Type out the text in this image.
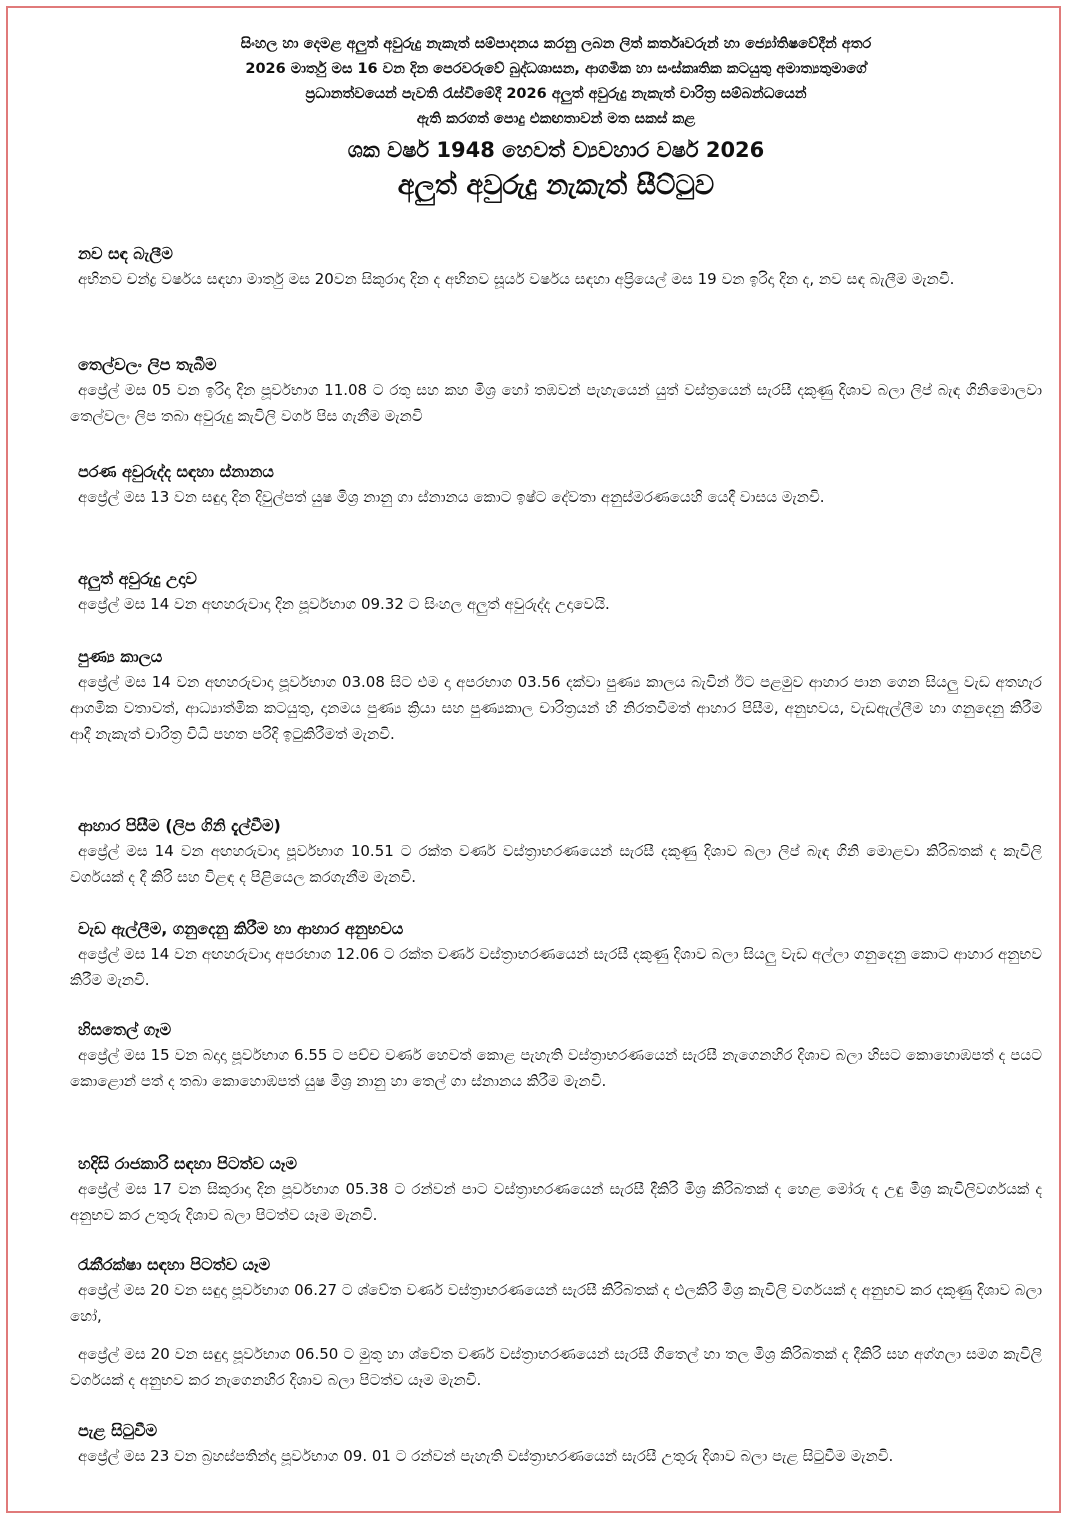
සිංහල හා දෙමළ අලුත් අවුරුදු නැකැත් සම්පාදනය කරනු ලබන ලිත් කර්තෘවරුන් හා ජ්‍යෝතිෂවේදීන් අතර
2026 මාර්තු මස 16 වන දින පෙරවරුවේ බුද්ධශාසන, ආගමික හා සංස්කෘතික කටයුතු අමාත්‍යතුමාගේ
ප්‍රධානත්වයෙන් පැවති රැස්වීමේදී 2026 අලුත් අවුරුදු නැකැත් චාරිත්‍ර සම්බන්ධයෙන්
ඇති කරගත් පොදු එකඟතාවන් මත සකස් කළ
ශක වර්ෂ 1948 හෙවත් ව්‍යවහාර වර්ෂ 2026
අලුත් අවුරුදු නැකැත් සීට්ටුව
නව සඳ බැලීම

අභිනව චන්ද්‍ර වර්ෂය සඳහා මාර්තු මස 20වන සිකුරාදා දින ද අභිනව සූර්ය වර්ෂය සඳහා අප්‍රියෙල් මස 19 වන ඉරිදා දින ද, නව සඳ බැලීම මැනවි.

තෙල්වලං ලිප තැබීම

අප්‍රේල් මස 05 වන ඉරිදා දින පූර්වභාග 11.08 ට රතු සහ කහ මිශ්‍ර හෝ තඹවන් පැහැයෙන් යුත් වස්ත්‍රයෙන් සැරසී දකුණු දිශාව බලා ලිප් බැඳ ගිනිමොලවා තෙල්වලං ලිප තබා අවුරුදු කැවිලි වර්ග පිස ගැනීම මැනවි

පරණ අවුරුද්ද සඳහා ස්නානය

අප්‍රේල් මස 13 වන සඳුදා දින දිවුල්පත් යුෂ මිශ්‍ර නානු ගා ස්නානය කොට ඉෂ්ට දේවතා අනුස්මරණයෙහි යෙදී වාසය මැනවි.

අලුත් අවුරුදු උදාව

අප්‍රේල් මස 14 වන අඟහරුවාදා දින පූර්වභාග 09.32 ට සිංහල අලුත් අවුරුද්ද උදාවෙයි.

පුණ්‍ය කාලය

අප්‍රේල් මස 14 වන අඟහරුවාදා පූර්වභාග 03.08 සිට එම දා අපරභාග 03.56 දක්වා පුණ්‍ය කාලය බැවින් ඊට පළමුව ආහාර පාන ගෙන සියලු වැඩ අතහැර ආගමික වතාවත්, ආධ්‍යාත්මික කටයුතු, දානමය පුණ්‍ය ක්‍රියා සහ පුණ්‍යකාල චාරිත්‍රයන් හි නිරතවීමත් ආහාර පිසීම, අනුභවය, වැඩඇල්ලීම හා ගනුදෙනු කිරීම ආදී නැකැත් චාරිත්‍ර විධි පහත පරිදි ඉටුකිරීමත් මැනවි.

ආහාර පිසීම (ලිප ගිනි දැල්වීම)

අප්‍රේල් මස 14 වන අඟහරුවාදා පූර්වභාග 10.51 ට රක්ත වර්ණ වස්ත්‍රාභරණයෙන් සැරසී දකුණු දිශාව බලා ලිප් බැඳ ගිනි මොළවා කිරිබතක් ද කැවිලි වර්ගයක් ද දී කිරි සහ විළඳ ද පිළියෙල කරගැනීම මැනවි.

වැඩ ඇල්ලීම, ගනුදෙනු කිරීම හා ආහාර අනුභවය

අප්‍රේල් මස 14 වන අඟහරුවාදා අපරභාග 12.06 ට රක්ත වර්ණ වස්ත්‍රාභරණයෙන් සැරසී දකුණු දිශාව බලා සියලු වැඩ අල්ලා ගනුදෙනු කොට ආහාර අනුභව කිරීම මැනවි.

හිසතෙල් ගෑම

අප්‍රේල් මස 15 වන බදාදා පූර්වභාග 6.55 ට පච්ච වර්ණ හෙවත් කොළ පැහැති වස්ත්‍රාභරණයෙන් සැරසී නැගෙනහිර දිශාව බලා හිසට කොහොඹපත් ද පයට කොළොන් පත් ද තබා කොහොඹපත් යුෂ මිශ්‍ර නානු හා තෙල් ගා ස්නානය කිරීම මැනවි.

හදිසි රාජකාරි සඳහා පිටත්ව යෑම

අප්‍රේල් මස 17 වන සිකුරාදා දින පූර්වභාග 05.38 ට රන්වන් පාට වස්ත්‍රාභරණයෙන් සැරසී දීකිරි මිශ්‍ර කිරිබතක් ද හෙළ මෝරු ද උඳු මිශ්‍ර කැවිලිවර්ගයක් ද අනුභව කර උතුරු දිශාව බලා පිටත්ව යෑම මැනවි.

රැකීරක්ෂා සඳහා පිටත්ව යෑම

අප්‍රේල් මස 20 වන සඳුදා පූර්වභාග 06.27 ට ශ්වේත වර්ණ වස්ත්‍රාභරණයෙන් සැරසී කිරිබතක් ද එලකිරි මිශ්‍ර කැවිලි වර්ගයක් ද අනුභව කර දකුණු දිශාව බලා හෝ,

අප්‍රේල් මස 20 වන සඳුදා පූර්වභාග 06.50 ට මුතු හා ශ්වේත වර්ණ වස්ත්‍රාභරණයෙන් සැරසී ගිතෙල් හා තල මිශ්‍ර කිරිබතක් ද දීකිරි සහ අග්ගලා සමග කැවිලි වර්ගයක් ද අනුභව කර නැගෙනහිර දිශාව බලා පිටත්ව යෑම මැනවි.

පැළ සිටුවීම

අප්‍රේල් මස 23 වන බ්‍රහස්පතින්දා පූර්වභාග 09. 01 ට රන්වන් පැහැති වස්ත්‍රාභරණයෙන් සැරසී උතුරු දිශාව බලා පැළ සිටුවීම මැනවි.
